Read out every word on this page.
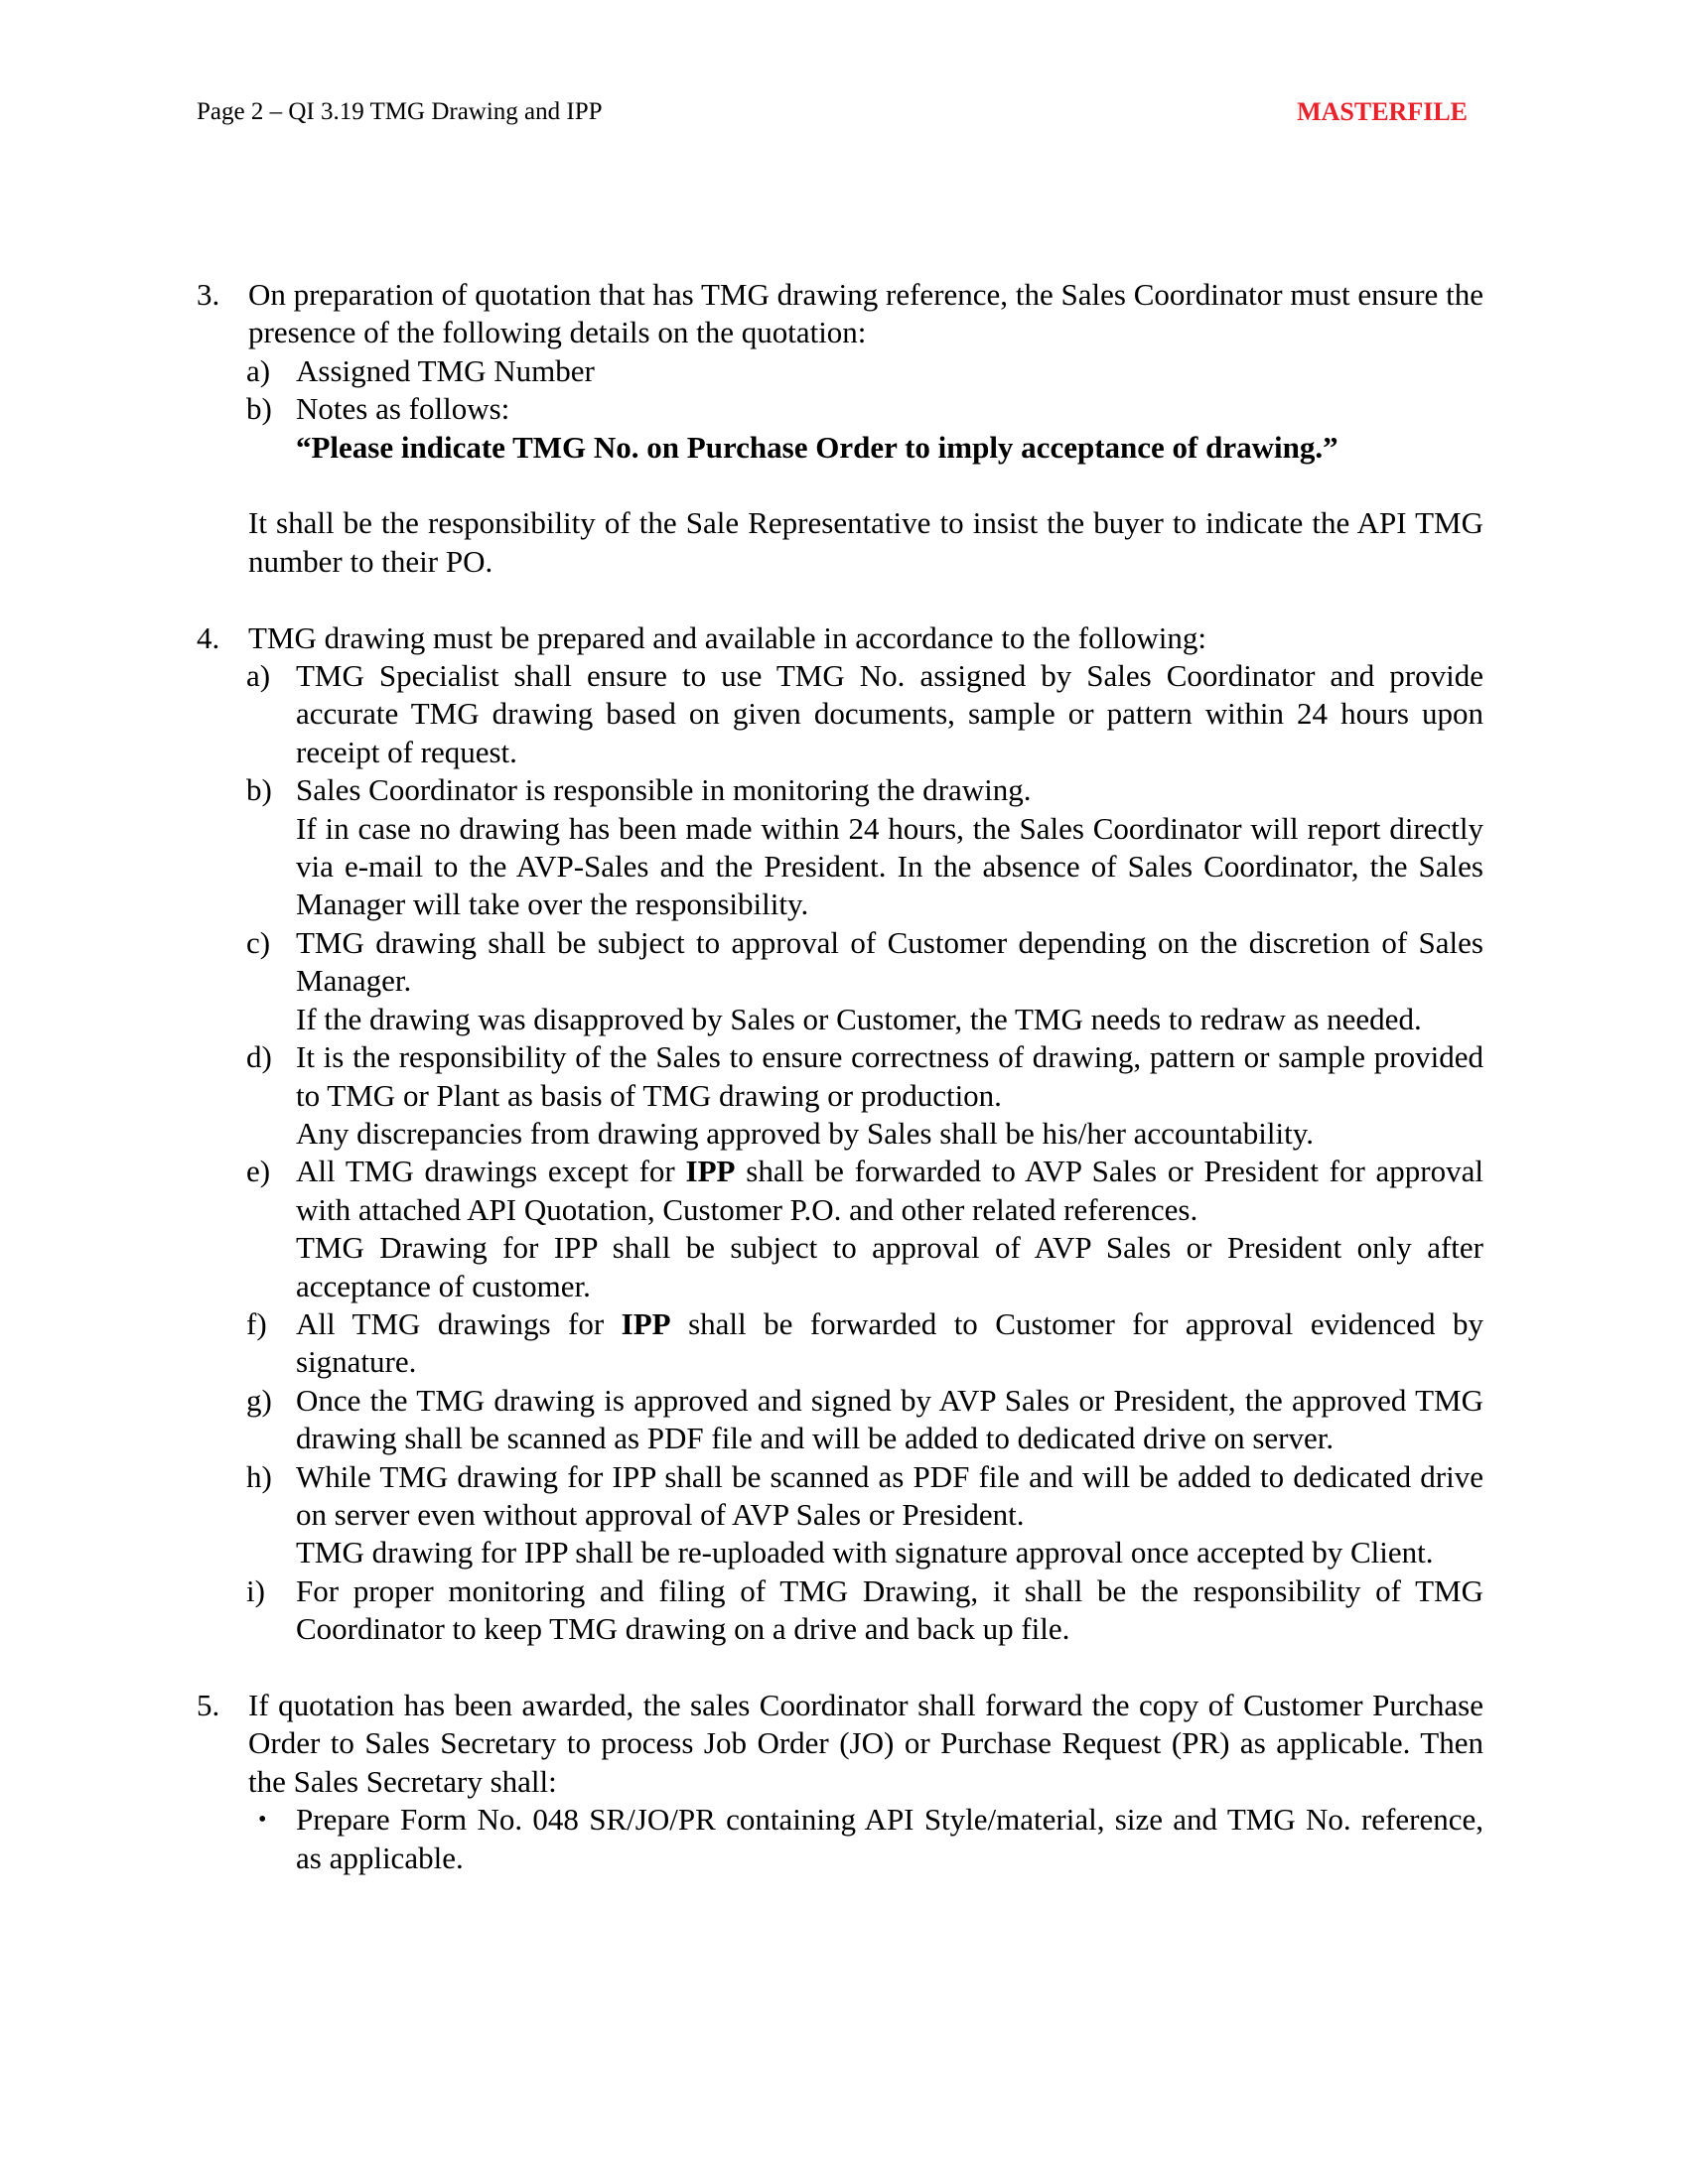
Page 2 – QI 3.19 TMG Drawing and IPP	MASTERFILE
3. On preparation of quotation that has TMG drawing reference, the Sales Coordinator must ensure the presence of the following details on the quotation:
a) Assigned TMG Number
b) Notes as follows:
“Please indicate TMG No. on Purchase Order to imply acceptance of drawing.”
It shall be the responsibility of the Sale Representative to insist the buyer to indicate the API TMG number to their PO.
4. TMG drawing must be prepared and available in accordance to the following:
a) TMG Specialist shall ensure to use TMG No. assigned by Sales Coordinator and provide accurate TMG drawing based on given documents, sample or pattern within 24 hours upon receipt of request.
b) Sales Coordinator is responsible in monitoring the drawing.
If in case no drawing has been made within 24 hours, the Sales Coordinator will report directly via e-mail to the AVP-Sales and the President. In the absence of Sales Coordinator, the Sales Manager will take over the responsibility.
c) TMG drawing shall be subject to approval of Customer depending on the discretion of Sales Manager.
If the drawing was disapproved by Sales or Customer, the TMG needs to redraw as needed.
d) It is the responsibility of the Sales to ensure correctness of drawing, pattern or sample provided to TMG or Plant as basis of TMG drawing or production.
Any discrepancies from drawing approved by Sales shall be his/her accountability.
e) All TMG drawings except for IPP shall be forwarded to AVP Sales or President for approval with attached API Quotation, Customer P.O. and other related references.
TMG Drawing for IPP shall be subject to approval of AVP Sales or President only after acceptance of customer.
f) All TMG drawings for IPP shall be forwarded to Customer for approval evidenced by signature.
g) Once the TMG drawing is approved and signed by AVP Sales or President, the approved TMG drawing shall be scanned as PDF file and will be added to dedicated drive on server.
h) While TMG drawing for IPP shall be scanned as PDF file and will be added to dedicated drive on server even without approval of AVP Sales or President.
TMG drawing for IPP shall be re-uploaded with signature approval once accepted by Client.
i) For proper monitoring and filing of TMG Drawing, it shall be the responsibility of TMG Coordinator to keep TMG drawing on a drive and back up file.
5. If quotation has been awarded, the sales Coordinator shall forward the copy of Customer Purchase Order to Sales Secretary to process Job Order (JO) or Purchase Request (PR) as applicable. Then the Sales Secretary shall:
• Prepare Form No. 048 SR/JO/PR containing API Style/material, size and TMG No. reference, as applicable.
